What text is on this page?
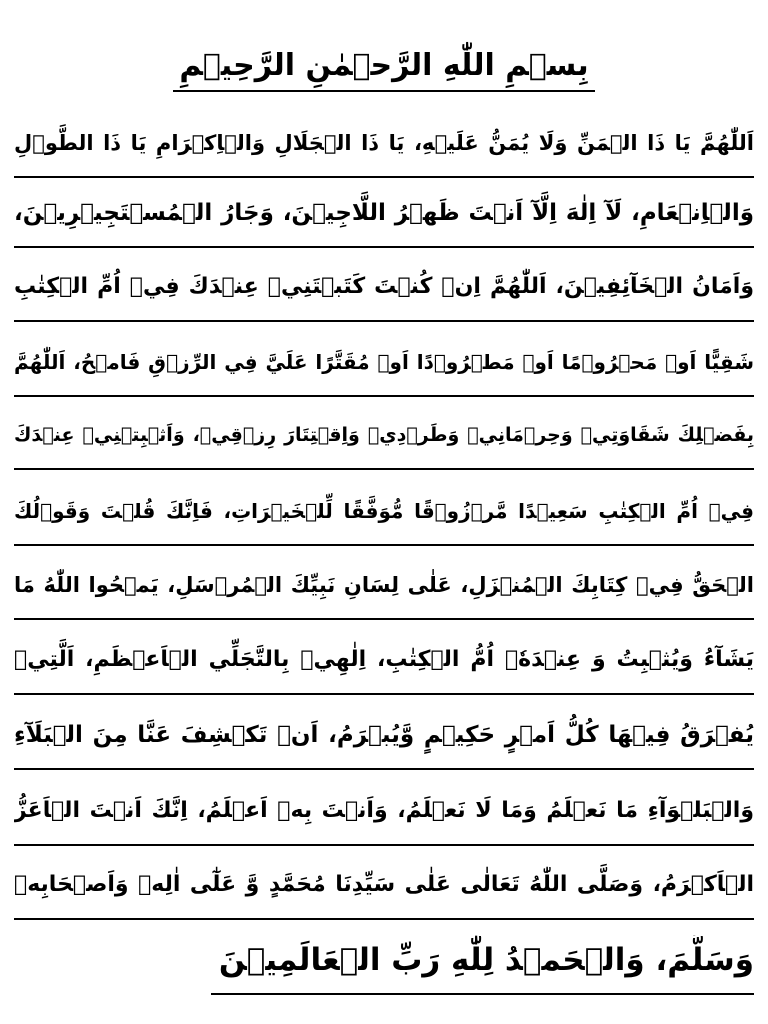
بِسۡمِ اللّٰهِ الرَّحۡمٰنِ الرَّحِيۡمِ
اَللّٰهُمَّ يَا ذَا الۡمَنِّ وَلَا يُمَنُّ عَلَيۡهِ، يَا ذَا الۡجَلَالِ وَالۡاِكۡرَامِ يَا ذَا الطَّوۡلِ
وَالۡاِنۡعَامِ، لَآ اِلٰهَ اِلَّآ اَنۡتَ ظَهۡرُ اللَّاجِيۡنَ، وَجَارُ الۡمُسۡتَجِيۡرِيۡنَ،
وَاَمَانُ الۡخَآئِفِيۡنَ، اَللّٰهُمَّ اِنۡ كُنۡتَ كَتَبۡتَنِيۡ عِنۡدَكَ فِيۡ اُمِّ الۡكِتٰبِ
شَقِيًّا اَوۡ مَحۡرُوۡمًا اَوۡ مَطۡرُوۡدًا اَوۡ مُقَتَّرًا عَلَيَّ فِي الرِّزۡقِ فَامۡحُ، اَللّٰهُمَّ
بِفَضۡلِكَ شَقَاوَتِيۡ وَحِرۡمَانِيۡ وَطَرۡدِيۡ وَاِقۡتِتَارَ رِزۡقِيۡ، وَاَثۡبِتۡنِيۡ عِنۡدَكَ
فِيۡ اُمِّ الۡكِتٰبِ سَعِيۡدًا مَّرۡزُوۡقًا مُّوَفَّقًا لِّلۡخَيۡرَاتِ، فَاِنَّكَ قُلۡتَ وَقَوۡلُكَ
الۡحَقُّ فِيۡ كِتَابِكَ الۡمُنۡزَلِ، عَلٰى لِسَانِ نَبِيِّكَ الۡمُرۡسَلِ، يَمۡحُوا اللّٰهُ مَا
يَشَآءُ وَيُثۡبِتُ وَ عِنۡدَهٗۤ اُمُّ الۡكِتٰبِ، اِلٰهِيۡ بِالتَّجَلِّي الۡاَعۡظَمِ، اَلَّتِيۡ
يُفۡرَقُ فِيۡهَا كُلُّ اَمۡرٍ حَكِيۡمٍ وَّيُبۡرَمُ، اَنۡ تَكۡشِفَ عَنَّا مِنَ الۡبَلَآءِ
وَالۡبَلۡوَآءِ مَا نَعۡلَمُ وَمَا لَا نَعۡلَمُ، وَاَنۡتَ بِهٖ اَعۡلَمُ، اِنَّكَ اَنۡتَ الۡاَعَزُّ
الۡاَكۡرَمُ، وَصَلَّى اللّٰهُ تَعَالٰى عَلٰى سَيِّدِنَا مُحَمَّدٍ وَّ عَلٰٓى اٰلِهٖ وَاَصۡحَابِهٖ
وَسَلَّمَ، وَالۡحَمۡدُ لِلّٰهِ رَبِّ الۡعَالَمِيۡنَ
